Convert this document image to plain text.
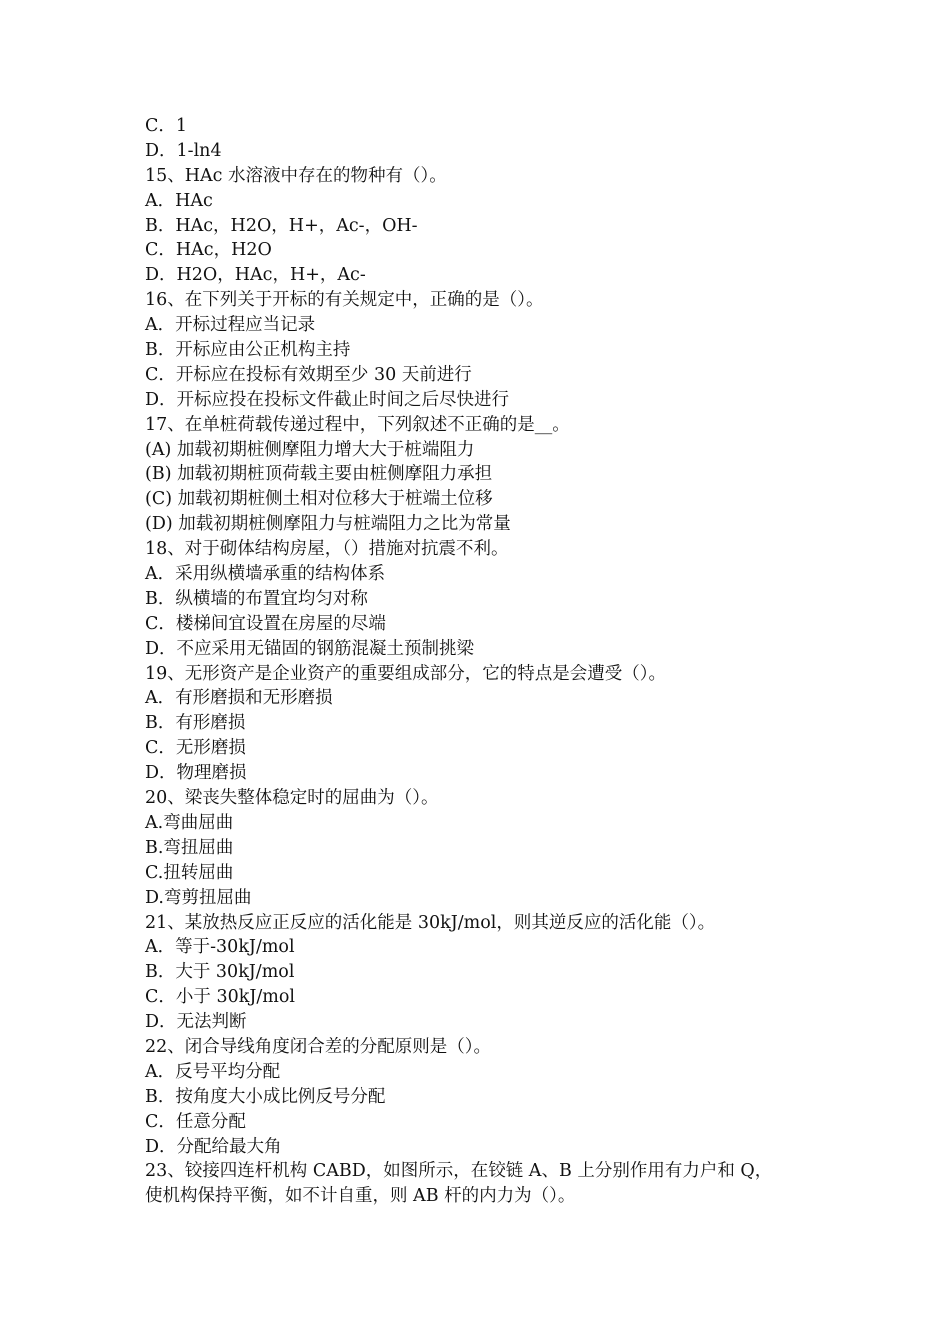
C．1
D．1-ln4
15、HAc 水溶液中存在的物种有（）。
A．HAc
B．HAc，H2O，H+，Ac-，OH-
C．HAc，H2O
D．H2O，HAc，H+，Ac-
16、在下列关于开标的有关规定中，正确的是（）。
A．开标过程应当记录
B．开标应由公正机构主持
C．开标应在投标有效期至少 30 天前进行
D．开标应投在投标文件截止时间之后尽快进行
17、在单桩荷载传递过程中，下列叙述不正确的是__。
(A) 加载初期桩侧摩阻力增大大于桩端阻力
(B) 加载初期桩顶荷载主要由桩侧摩阻力承担
(C) 加载初期桩侧土相对位移大于桩端土位移
(D) 加载初期桩侧摩阻力与桩端阻力之比为常量
18、对于砌体结构房屋，（）措施对抗震不利。
A．采用纵横墙承重的结构体系
B．纵横墙的布置宜均匀对称
C．楼梯间宜设置在房屋的尽端
D．不应采用无锚固的钢筋混凝土预制挑梁
19、无形资产是企业资产的重要组成部分，它的特点是会遭受（）。
A．有形磨损和无形磨损
B．有形磨损
C．无形磨损
D．物理磨损
20、梁丧失整体稳定时的屈曲为（）。
A.弯曲屈曲
B.弯扭屈曲
C.扭转屈曲
D.弯剪扭屈曲
21、某放热反应正反应的活化能是 30kJ/mol，则其逆反应的活化能（）。
A．等于-30kJ/mol
B．大于 30kJ/mol
C．小于 30kJ/mol
D．无法判断
22、闭合导线角度闭合差的分配原则是（）。
A．反号平均分配
B．按角度大小成比例反号分配
C．任意分配
D．分配给最大角
23、铰接四连杆机构 CABD，如图所示，在铰链 A、B 上分别作用有力户和 Q，
使机构保持平衡，如不计自重，则 AB 杆的内力为（）。
